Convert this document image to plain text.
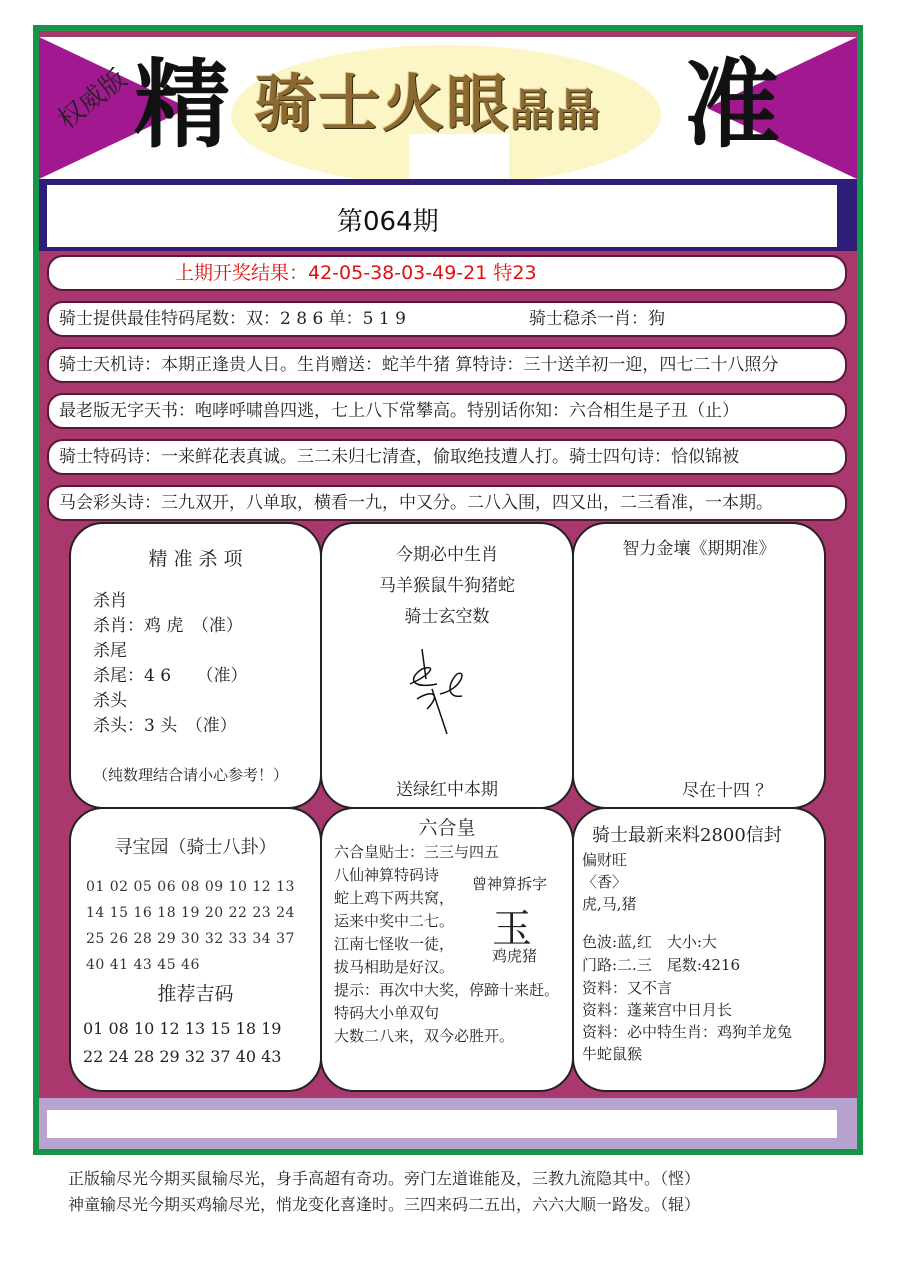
权威版 精 骑士火眼晶晶 准
第064期
上期开奖结果：42-05-38-03-49-21 特23
骑士提供最佳特码尾数：双：2 8 6 单：5 1 9	骑士稳杀一肖：狗
骑士天机诗：本期正逢贵人日。生肖赠送：蛇羊牛猪 算特诗：三十送羊初一迎，四七二十八照分
最老版无字天书：咆哮呼啸兽四逃，七上八下常攀高。特别话你知：六合相生是子丑（止）
骑士特码诗：一来鲜花表真诚。三二未归七清查，偷取绝技遭人打。骑士四句诗：恰似锦被
马会彩头诗：三九双开，八单取，横看一九，中又分。二八入围，四又出，二三看准，一本期。
精 准 杀 项
杀肖
杀肖：鸡 虎　（准）
杀尾
杀尾：4 6　　（准）
杀头
杀头：3 头　（准）
（纯数理结合请小心参考！）
今期必中生肖
马羊猴鼠牛狗猪蛇
骑士玄空数
送绿红中本期
智力金壤《期期准》
尽在十四 ？
寻宝园（骑士八卦）
01 02 05 06 08 09 10 12 13
14 15 16 18 19 20 22 23 24
25 26 28 29 30 32 33 34 37
40 41 43 45 46
推荐吉码
01 08 10 12 13 15 18 19
22 24 28 29 32 37 40 43
六合皇
六合皇贴士：三三与四五
八仙神算特码诗
蛇上鸡下两共窝，
运来中奖中二七。
江南七怪收一徒，
拔马相助是好汉。
提示：再次中大奖，停蹄十来赶。
特码大小单双句
大数二八来，双今必胜开。
曾神算拆字
玉
鸡虎猪
骑士最新来料2800信封
偏财旺
〈香〉
虎,马,猪
色波:蓝,红　大小:大
门路:二.三　尾数:4216
资料：又不言
资料：蓬莱宫中日月长
资料：必中特生肖：鸡狗羊龙兔
牛蛇鼠猴
正版输尽光今期买鼠输尽光，身手高超有奇功。旁门左道谁能及，三教九流隐其中。（悭）
神童输尽光今期买鸡输尽光，悄龙变化喜逢时。三四来码二五出，六六大顺一路发。（辊）
